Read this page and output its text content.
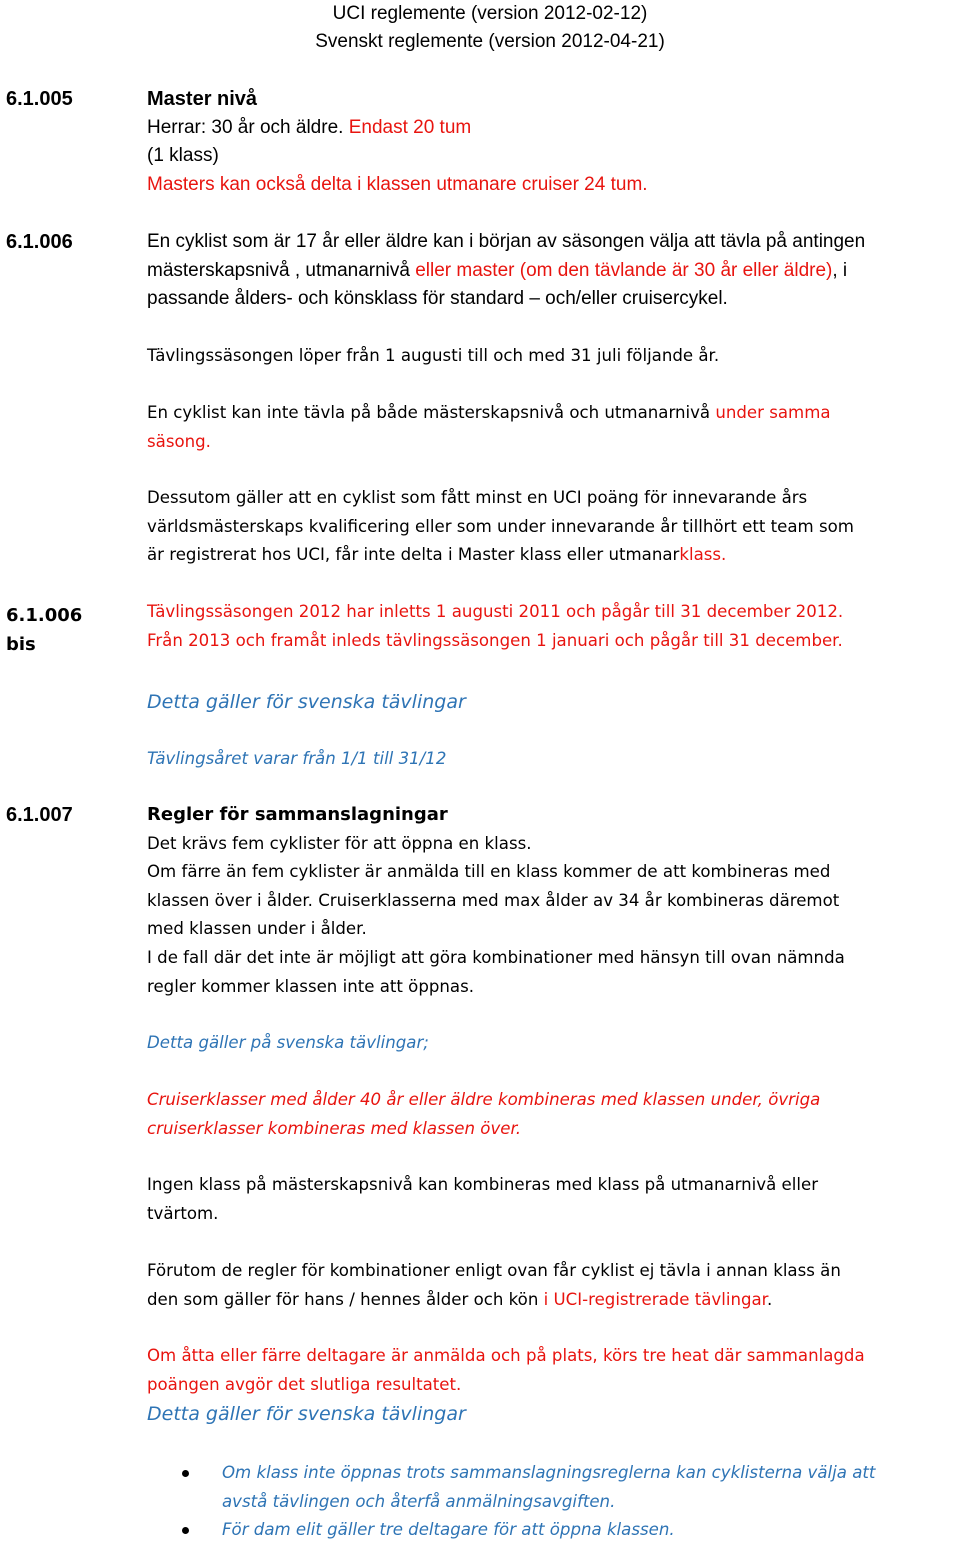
UCI reglemente (version 2012-02-12)
Svenskt reglemente (version 2012-04-21)
6.1.005	Master nivå
Herrar: 30 år och äldre. Endast 20 tum
(1 klass)
Masters kan också delta i klassen utmanare cruiser 24 tum.
6.1.006	En cyklist som är 17 år eller äldre kan i början av säsongen välja att tävla på antingen
mästerskapsnivå , utmanarnivå eller master (om den tävlande är 30 år eller äldre), i
passande ålders- och könsklass för standard – och/eller cruisercykel.
Tävlingssäsongen löper från 1 augusti till och med 31 juli följande år.
En cyklist kan inte tävla på både mästerskapsnivå och utmanarnivå under samma
säsong.
Dessutom gäller att en cyklist som fått minst en UCI poäng för innevarande års
världsmästerskaps kvalificering eller som under innevarande år tillhört ett team som
är registrerat hos UCI, får inte delta i Master klass eller utmanarklass.
6.1.006
bis
Tävlingssäsongen 2012 har inletts 1 augusti 2011 och pågår till 31 december 2012.
Från 2013 och framåt inleds tävlingssäsongen 1 januari och pågår till 31 december.
Detta gäller för svenska tävlingar
Tävlingsåret varar från 1/1 till 31/12
6.1.007	Regler för sammanslagningar
Det krävs fem cyklister för att öppna en klass.
Om färre än fem cyklister är anmälda till en klass kommer de att kombineras med
klassen över i ålder. Cruiserklasserna med max ålder av 34 år kombineras däremot
med klassen under i ålder.
I de fall där det inte är möjligt att göra kombinationer med hänsyn till ovan nämnda
regler kommer klassen inte att öppnas.
Detta gäller på svenska tävlingar;
Cruiserklasser med ålder 40 år eller äldre kombineras med klassen under, övriga
cruiserklasser kombineras med klassen över.
Ingen klass på mästerskapsnivå kan kombineras med klass på utmanarnivå eller
tvärtom.
Förutom de regler för kombinationer enligt ovan får cyklist ej tävla i annan klass än
den som gäller för hans / hennes ålder och kön i UCI-registrerade tävlingar.
Om åtta eller färre deltagare är anmälda och på plats, körs tre heat där sammanlagda
poängen avgör det slutliga resultatet.
Detta gäller för svenska tävlingar
Om klass inte öppnas trots sammanslagningsreglerna kan cyklisterna välja att
avstå tävlingen och återfå anmälningsavgiften.
För dam elit gäller tre deltagare för att öppna klassen.
